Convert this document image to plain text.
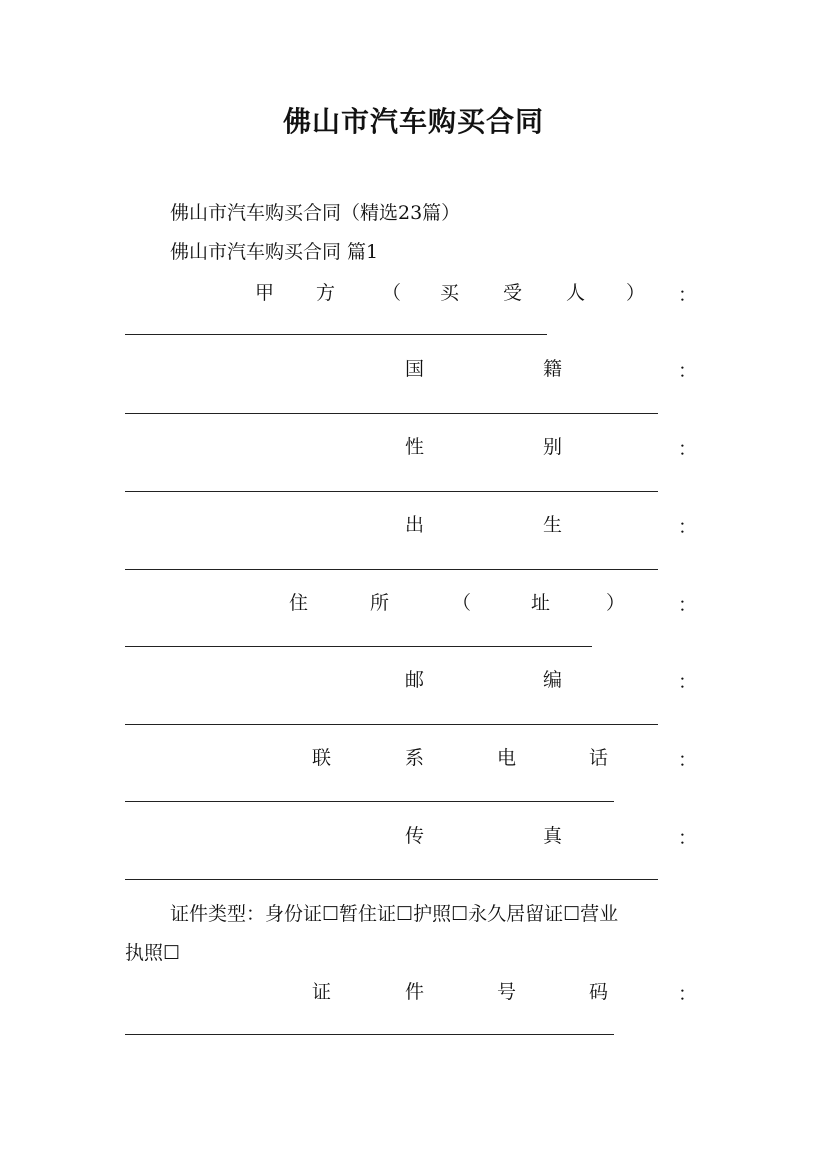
佛山市汽车购买合同
佛山市汽车购买合同（精选23篇）
佛山市汽车购买合同 篇1
甲 方 （ 买 受 人 ） ：
国	籍	：
性	别	：
出	生	：
住	所	（	址	）	：
邮	编	：
联	系	电	话	：
传	真	：
证件类型：身份证☐暂住证☐护照☐永久居留证☐营业
执照☐
证	件	号	码	：
